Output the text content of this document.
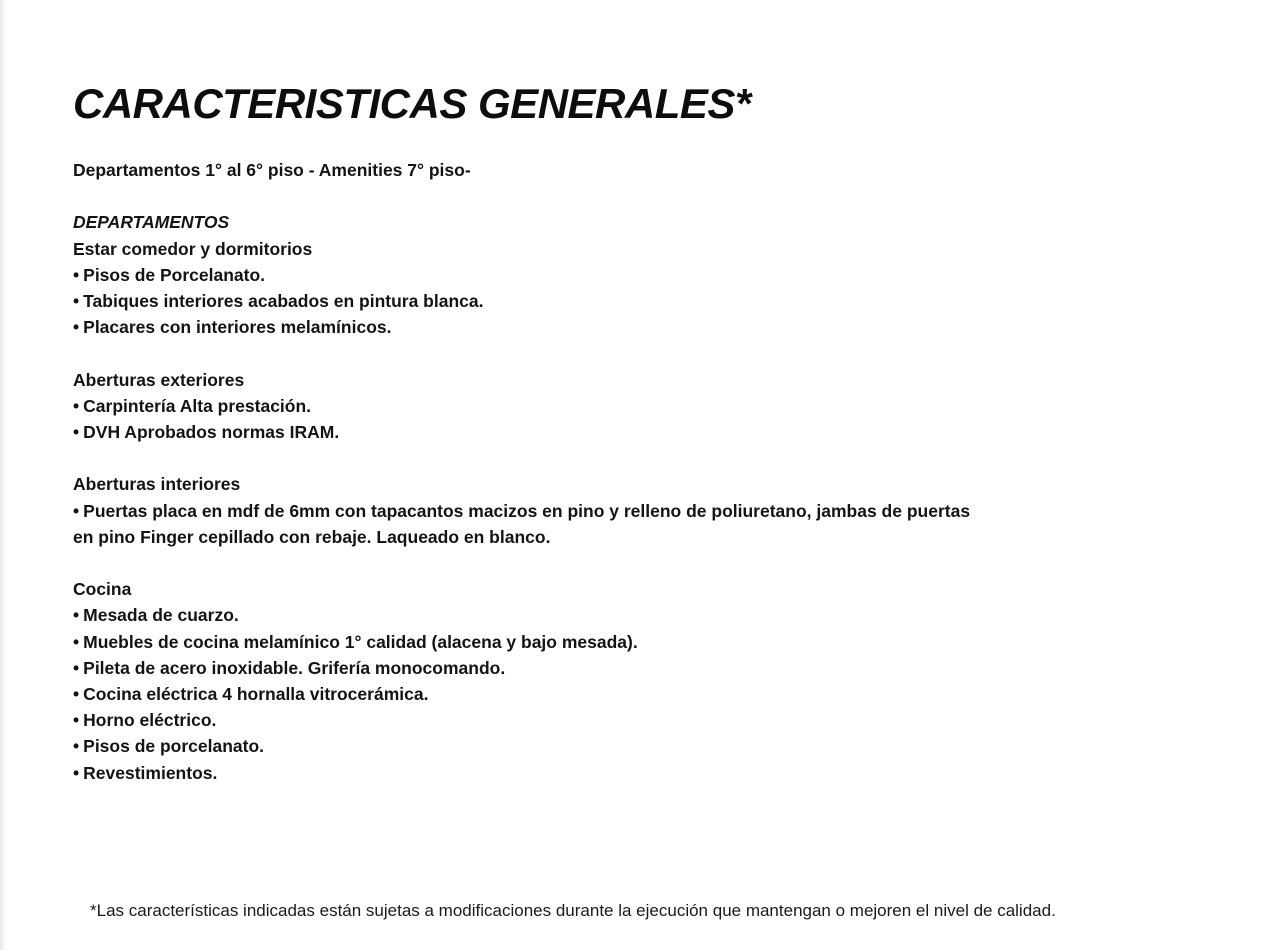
CARACTERISTICAS GENERALES*
Departamentos 1° al 6° piso - Amenities 7° piso-
DEPARTAMENTOS
Estar comedor y dormitorios
• Pisos de Porcelanato.
• Tabiques interiores acabados en pintura blanca.
• Placares con interiores melamínicos.
Aberturas exteriores
• Carpintería Alta prestación.
• DVH Aprobados normas IRAM.
Aberturas interiores
• Puertas placa en mdf de 6mm con tapacantos macizos en pino y relleno de poliuretano, jambas de puertas
en pino Finger cepillado con rebaje. Laqueado en blanco.
Cocina
• Mesada de cuarzo.
• Muebles de cocina melamínico 1° calidad (alacena y bajo mesada).
• Pileta de acero inoxidable. Grifería monocomando.
• Cocina eléctrica 4 hornalla vitrocerámica.
• Horno eléctrico.
• Pisos de porcelanato.
• Revestimientos.
*Las características indicadas están sujetas a modificaciones durante la ejecución que mantengan o mejoren el nivel de calidad.
